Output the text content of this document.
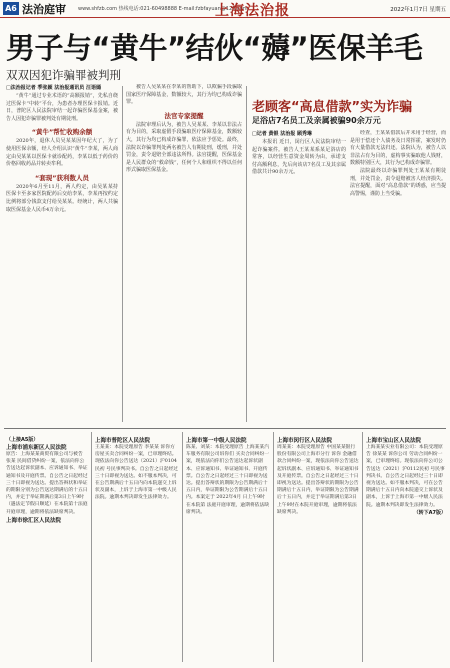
A6 法治庭审 www.shfzb.com 热线电话:021-60498888 E-mail:fzbfayuan@126.com
上海法治报	2022年1月7日 星期五
男子与“黄牛”结伙“薅”医保羊毛
双双因犯诈骗罪被判刑
□法治报记者 季张颖 法治报通讯员 汪语嫣
“黄牛”通过专业术语的“高额报销”，先私自绕过医保卡“中转”平台，为患者办理医保卡报销。近日，普陀区人民法院审结一起诈骗医保基金案，被告人因犯诈骗罪被判处有期徒刑。
“黄牛”帮忙收购余额
2020年，退休人员吴某某因年纪大了，为了使用医保余额，经人介绍认识“黄牛”李某，两人商定由吴某某以医保卡就诊配药，李某以低于药价的价格回收药品并转卖牟利。
“套现”获利数人员
2020年6月至11月，两人约定，由吴某某持医保卡至多家医院配药后交给李某，李某再按约定比例将部分钱款支付给吴某某。经统计，两人共骗取医保基金人民币4万余元。
被告人吴某某在李某的帮助下，以欺骗手段骗取国家医疗保障基金，数额较大，其行为均已构成诈骗罪。
法官专家提醒
法院审理后认为，被告人吴某某、李某以非法占有为目的，采取虚假手段骗取医疗保障基金，数额较大，其行为均已构成诈骗罪，依法应予惩处。最终，法院以诈骗罪判处两名被告人有期徒刑，缓刑，并处罚金，责令退赔全部违法所得。法官提醒，医保基金是人民群众的“救命钱”，任何个人和组织不得以任何形式骗取医保基金。
老顾客“高息借款”实为诈骗
足浴店7名员工及亲属被骗90余万元
□记者 黄银 法治报 顾秀琳
本报讯 近日，闵行区人民法院审结一起诈骗案件。被告人王某某系某足浴店的常客，以经营生意资金周转为由，承诺支付高额利息，先后向该店7名员工及其亲属借款共计90余万元。
经查，王某某借款后并未用于经营，而是用于偿还个人债务及日常挥霍，案发时仍有大量借款无法归还。法院认为，被告人以非法占有为目的，虚构事实骗取他人钱财，数额特别巨大，其行为已构成诈骗罪。
法院最终以诈骗罪判处王某某有期徒刑，并处罚金，责令退赔被害人经济损失。法官提醒，面对“高息借款”的诱惑，应当提高警惕，谨防上当受骗。
（上接A5版）
上海市浦东新区人民法院
原告：上海某某商贸有限公司与被告 张某 民间借贷纠纷一案，依法向你公告送达起诉状副本、应诉通知书、举证通知书及开庭传票。自公告之日起经过三十日即视为送达。提出答辩状和举证的期限分别为公告送达期满后的十五日内，并定于举证期满后第3日上午9时（遇法定节假日顺延）在本院第十法庭开庭审理，逾期将依法缺席判决。
上海市徐汇区人民法院
上海市普陀区人民法院
王某某：本院受理原告 李某某 诉你方 房屋买卖合同纠纷一案，已审理终结。现依法向你公告送达（2021）沪0104民初 号民事判决书。自公告之日起经过三十日即视为送达。如不服本判决，可在公告期满后十五日内向本院递交上诉状及副本，上诉于上海市第一中级人民法院。逾期本判决即发生法律效力。
上海市第一中级人民法院
陈某、刘某：本院受理原告 上海某某汽车服务有限公司诉你们 买卖合同纠纷一案，现依法向你们公告送达起诉状副本、应诉通知书、举证通知书、开庭传票。自公告之日起经过三十日即视为送达。提出答辩状的期限为公告期满后十五日内，举证期限为公告期满后十五日内。本案定于 2022年4月 日上午9时 在本院第 法庭开庭审理，逾期将依法缺席判决。
上海市闵行区人民法院
周某某：本院受理原告 中国某某银行股份有限公司上海市分行 诉你 金融借款合同纠纷一案，现依法向你公告送达起诉状副本、应诉通知书、举证通知书及开庭传票。自公告之日起经过三十日即视为送达。提出答辩状的期限为公告期满后十五日内，举证期限为公告期满后十五日内，并定于举证期满后第3日上午9时在本院开庭审理，逾期将依法缺席判决。
上海市宝山区人民法院
上海某某实业有限公司：本院受理原告 徐某某 诉你公司 劳动合同纠纷一案，已审理终结。现依法向你公司公告送达（2021）沪0112民初 号民事判决书。自公告之日起经过三十日即视为送达。如不服本判决，可在公告期满后十五日内向本院递交上诉状及副本，上诉于上海市第一中级人民法院。逾期本判决即发生法律效力。
（转下A7版）
